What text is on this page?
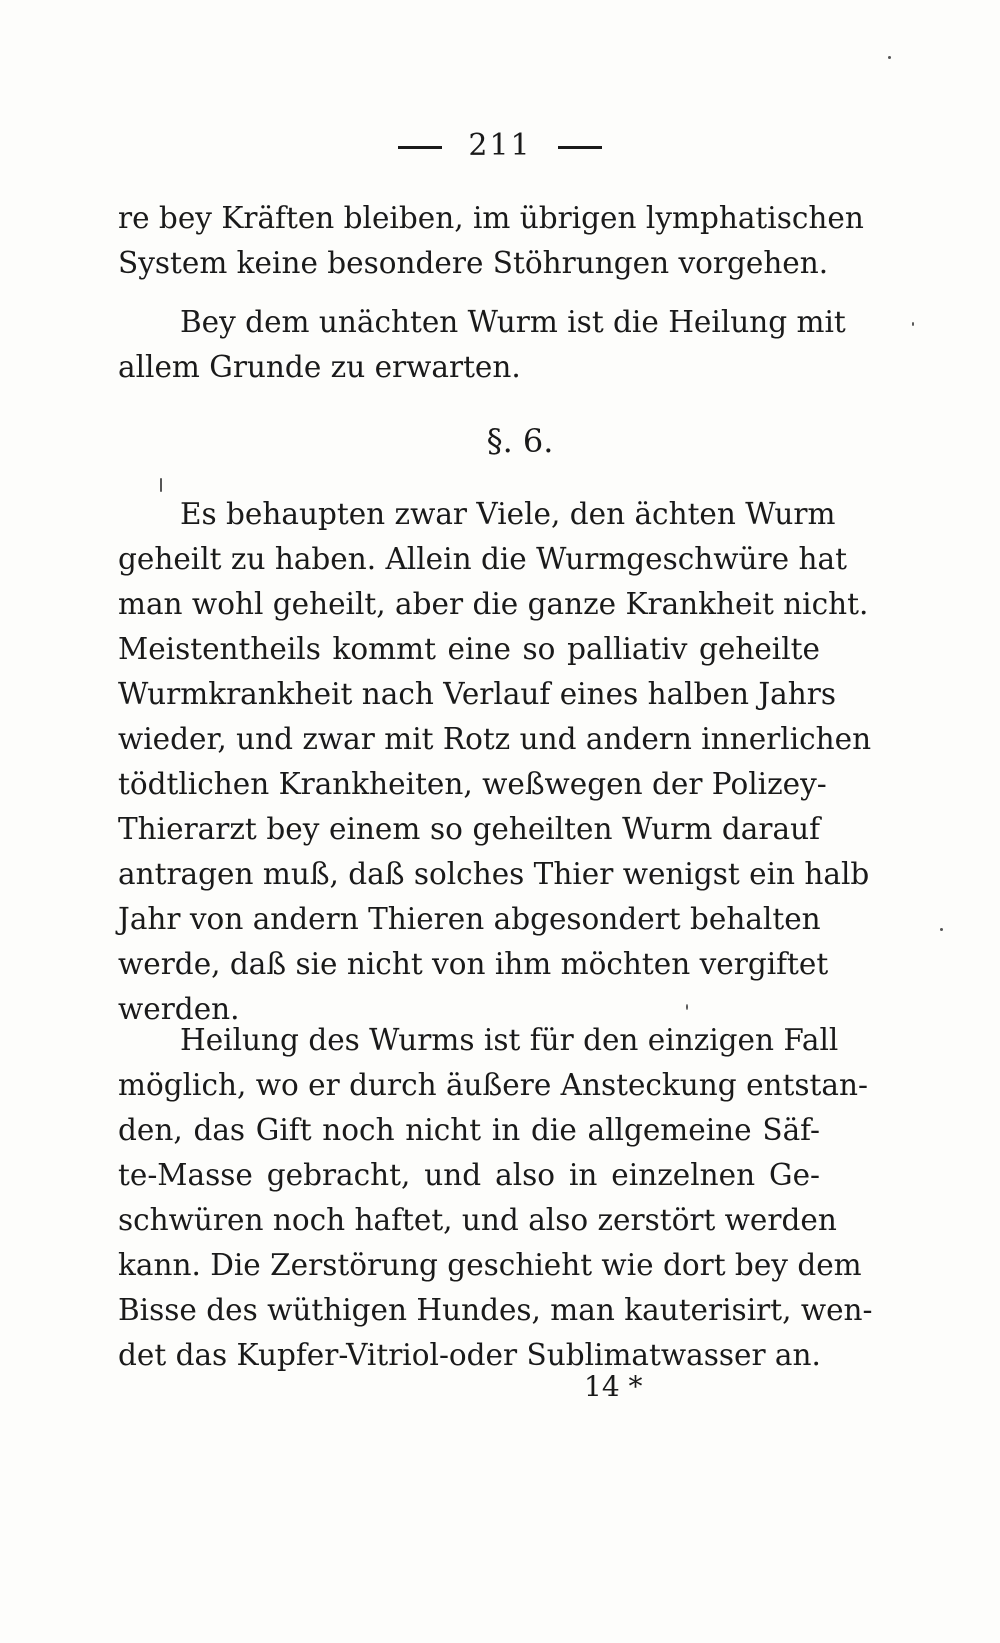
211
re bey Kräften bleiben, im übrigen lymphatischen
System keine besondere Stöhrungen vorgehen.
Bey dem unächten Wurm ist die Heilung mit
allem Grunde zu erwarten.
§. 6.
Es behaupten zwar Viele, den ächten Wurm
geheilt zu haben. Allein die Wurmgeschwüre hat
man wohl geheilt, aber die ganze Krankheit nicht.
Meistentheils kommt eine so palliativ geheilte
Wurmkrankheit nach Verlauf eines halben Jahrs
wieder, und zwar mit Rotz und andern innerlichen
tödtlichen Krankheiten, weßwegen der Polizey-
Thierarzt bey einem so geheilten Wurm darauf
antragen muß, daß solches Thier wenigst ein halb
Jahr von andern Thieren abgesondert behalten
werde, daß sie nicht von ihm möchten vergiftet
werden.
Heilung des Wurms ist für den einzigen Fall
möglich, wo er durch äußere Ansteckung entstan-
den, das Gift noch nicht in die allgemeine Säf-
te-Masse gebracht, und also in einzelnen Ge-
schwüren noch haftet, und also zerstört werden
kann. Die Zerstörung geschieht wie dort bey dem
Bisse des wüthigen Hundes, man kauterisirt, wen-
det das Kupfer-Vitriol-oder Sublimatwasser an.
14 *
